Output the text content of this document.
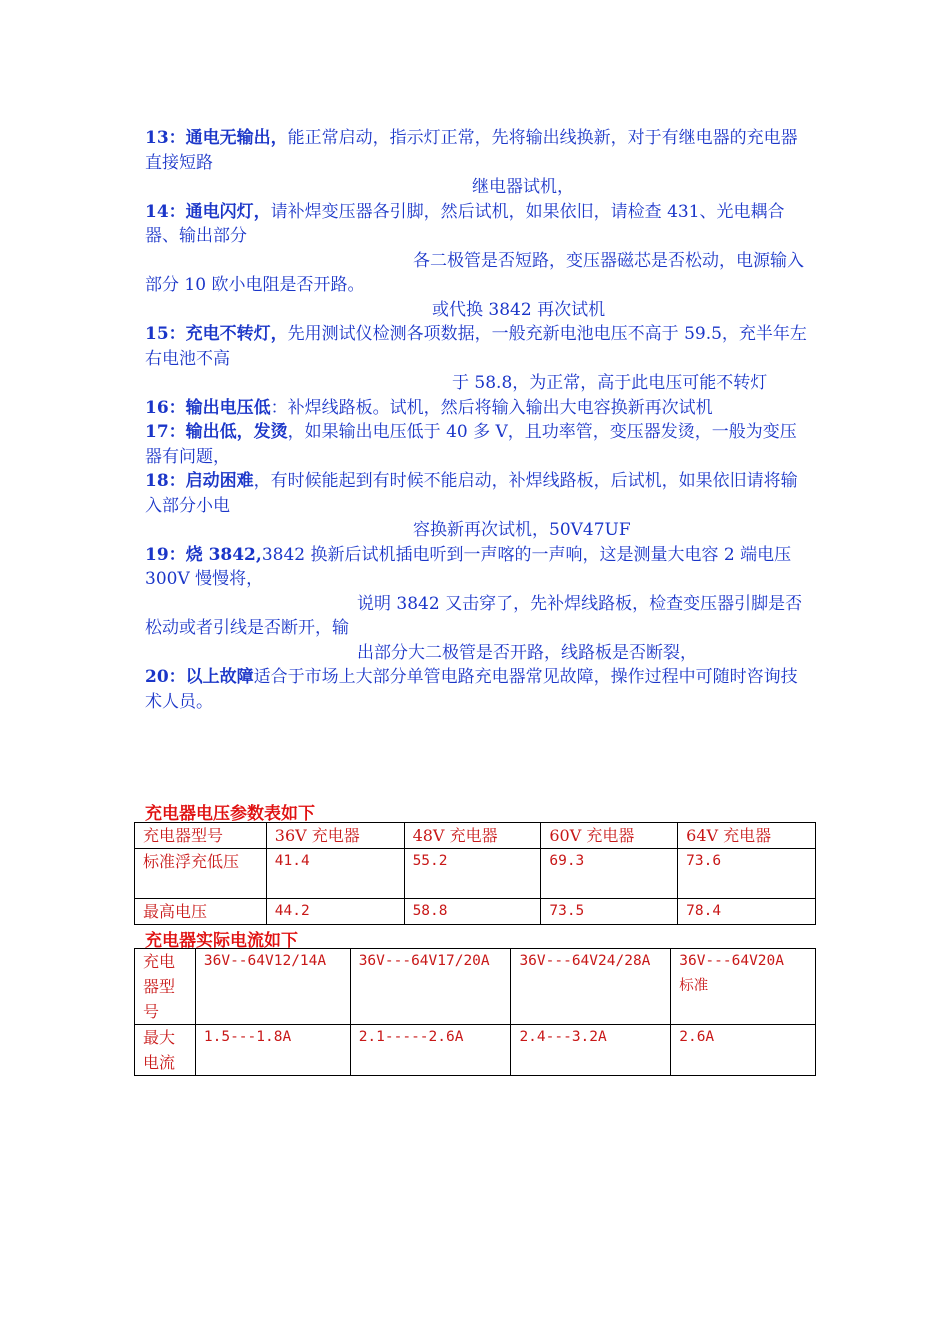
13：通电无输出，能正常启动，指示灯正常，先将输出线换新，对于有继电器的充电器直接短路

继电器试机，

14：通电闪灯，请补焊变压器各引脚，然后试机，如果依旧，请检查 431、光电耦合器、输出部分

各二极管是否短路，变压器磁芯是否松动，电源输入部分 10 欧小电阻是否开路。

或代换 3842 再次试机

15：充电不转灯，先用测试仪检测各项数据，一般充新电池电压不高于 59.5，充半年左右电池不高

于 58.8，为正常，高于此电压可能不转灯

16：输出电压低：补焊线路板。试机，然后将输入输出大电容换新再次试机

17：输出低，发烫，如果输出电压低于 40 多 V，且功率管，变压器发烫，一般为变压器有问题，

18：启动困难，有时候能起到有时候不能启动，补焊线路板，后试机，如果依旧请将输入部分小电

容换新再次试机，50V47UF

19：烧 3842,3842 换新后试机插电听到一声喀的一声响，这是测量大电容 2 端电压 300V 慢慢将，

说明 3842 又击穿了，先补焊线路板，检查变压器引脚是否松动或者引线是否断开，输

出部分大二极管是否开路，线路板是否断裂，

20：以上故障适合于市场上大部分单管电路充电器常见故障，操作过程中可随时咨询技术人员。

充电器电压参数表如下
充电器型号	36V 充电器	48V 充电器	60V 充电器	64V 充电器
标准浮充低压	41.4	55.2	69.3	73.6
最高电压	44.2	58.8	73.5	78.4
充电器实际电流如下
充电器型号	36V--64V12/14A	36V---64V17/20A	36V---64V24/28A	36V---64V20A 标准
最大电流	1.5---1.8A	2.1-----2.6A	2.4---3.2A	2.6A
